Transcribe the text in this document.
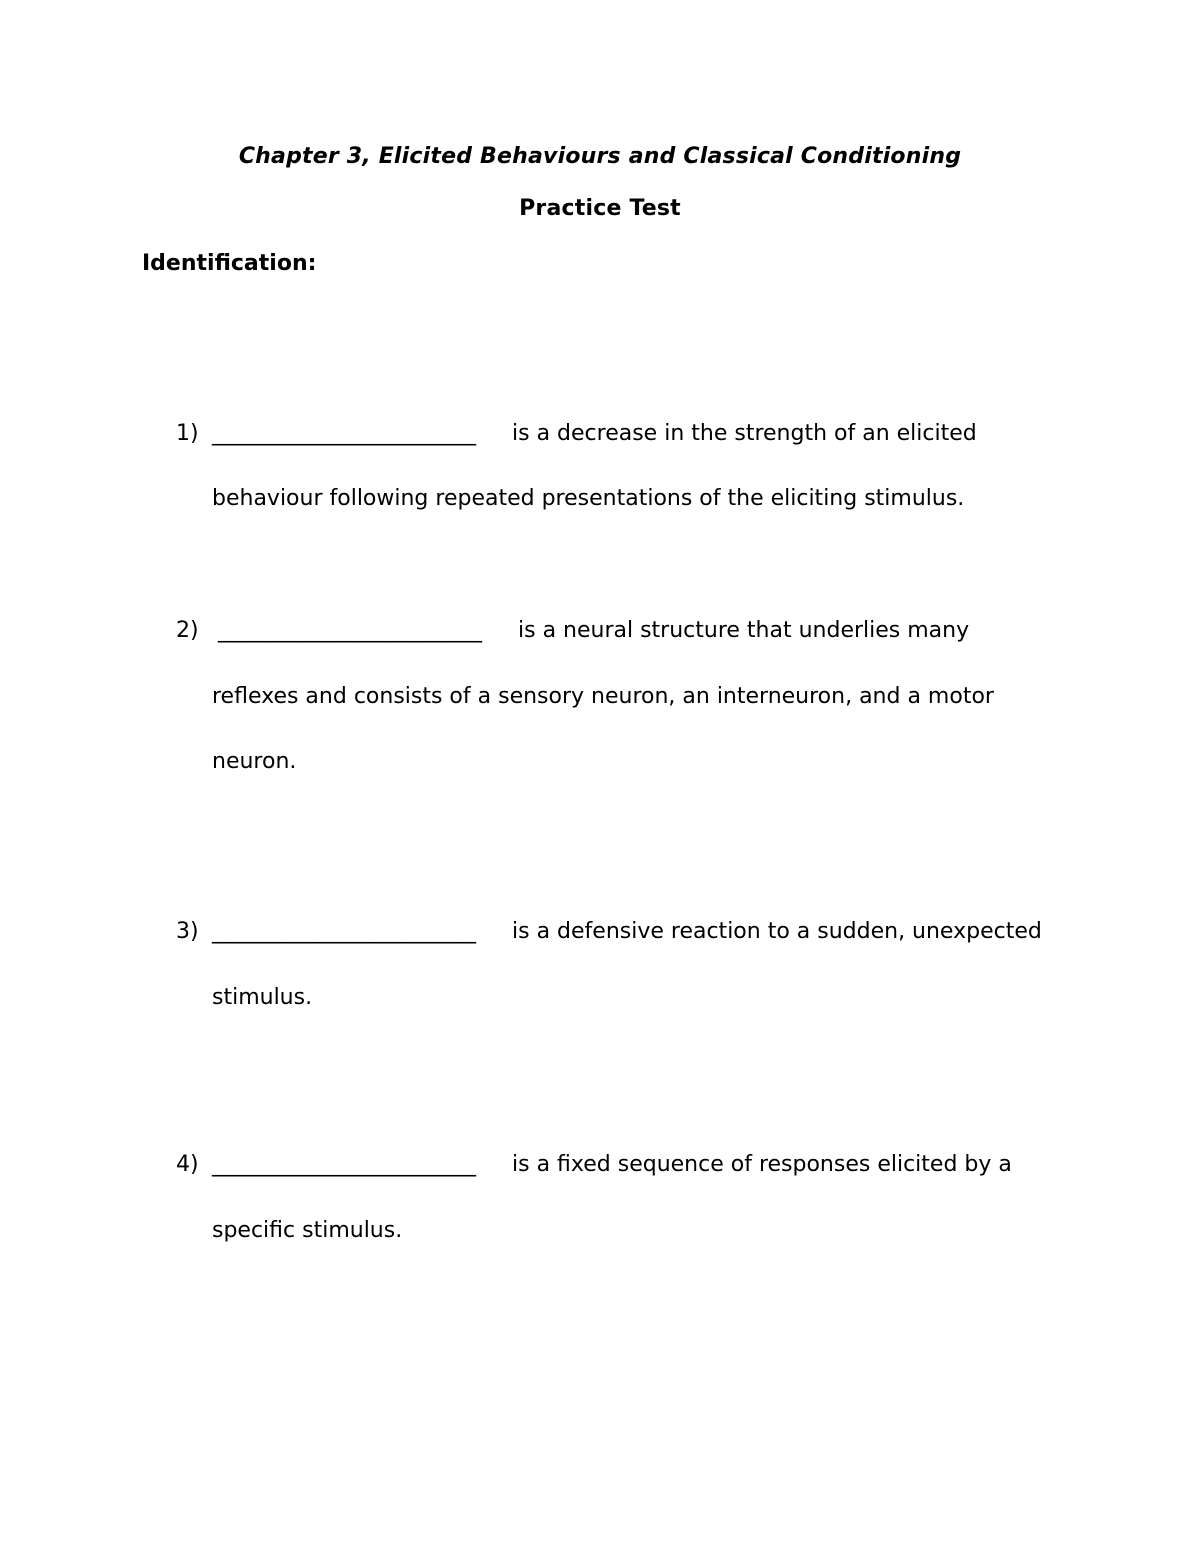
Chapter 3, Elicited Behaviours and Classical Conditioning
Practice Test
Identification:
1) ________________________ is a decrease in the strength of an elicited
behaviour following repeated presentations of the eliciting stimulus.
2) ________________________ is a neural structure that underlies many
reflexes and consists of a sensory neuron, an interneuron, and a motor
neuron.
3) ________________________ is a defensive reaction to a sudden, unexpected
stimulus.
4) ________________________ is a fixed sequence of responses elicited by a
specific stimulus.
